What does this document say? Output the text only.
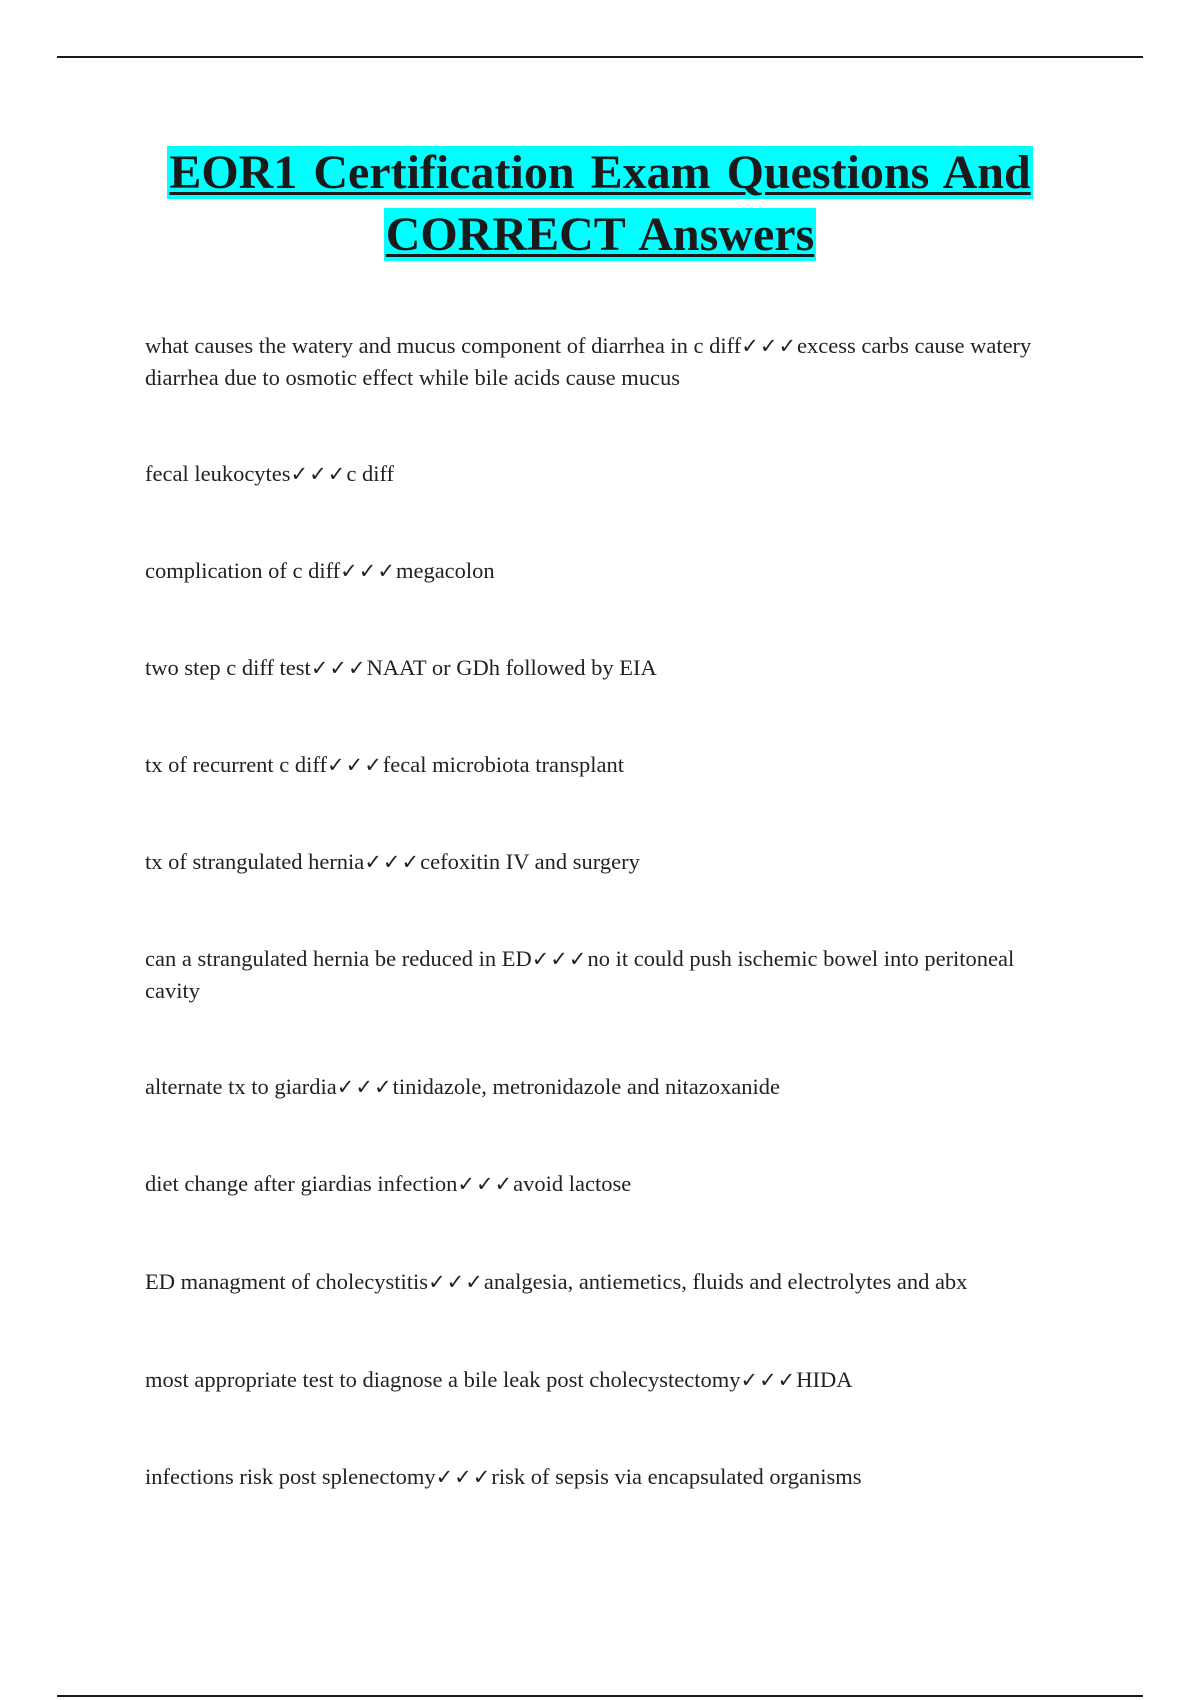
EOR1 Certification Exam Questions And
CORRECT Answers

what causes the watery and mucus component of diarrhea in c diff✓✓✓excess carbs cause watery diarrhea due to osmotic effect while bile acids cause mucus

fecal leukocytes✓✓✓c diff

complication of c diff✓✓✓megacolon

two step c diff test✓✓✓NAAT or GDh followed by EIA

tx of recurrent c diff✓✓✓fecal microbiota transplant

tx of strangulated hernia✓✓✓cefoxitin IV and surgery

can a strangulated hernia be reduced in ED✓✓✓no it could push ischemic bowel into peritoneal cavity

alternate tx to giardia✓✓✓tinidazole, metronidazole and nitazoxanide

diet change after giardias infection✓✓✓avoid lactose

ED managment of cholecystitis✓✓✓analgesia, antiemetics, fluids and electrolytes and abx

most appropriate test to diagnose a bile leak post cholecystectomy✓✓✓HIDA

infections risk post splenectomy✓✓✓risk of sepsis via encapsulated organisms
